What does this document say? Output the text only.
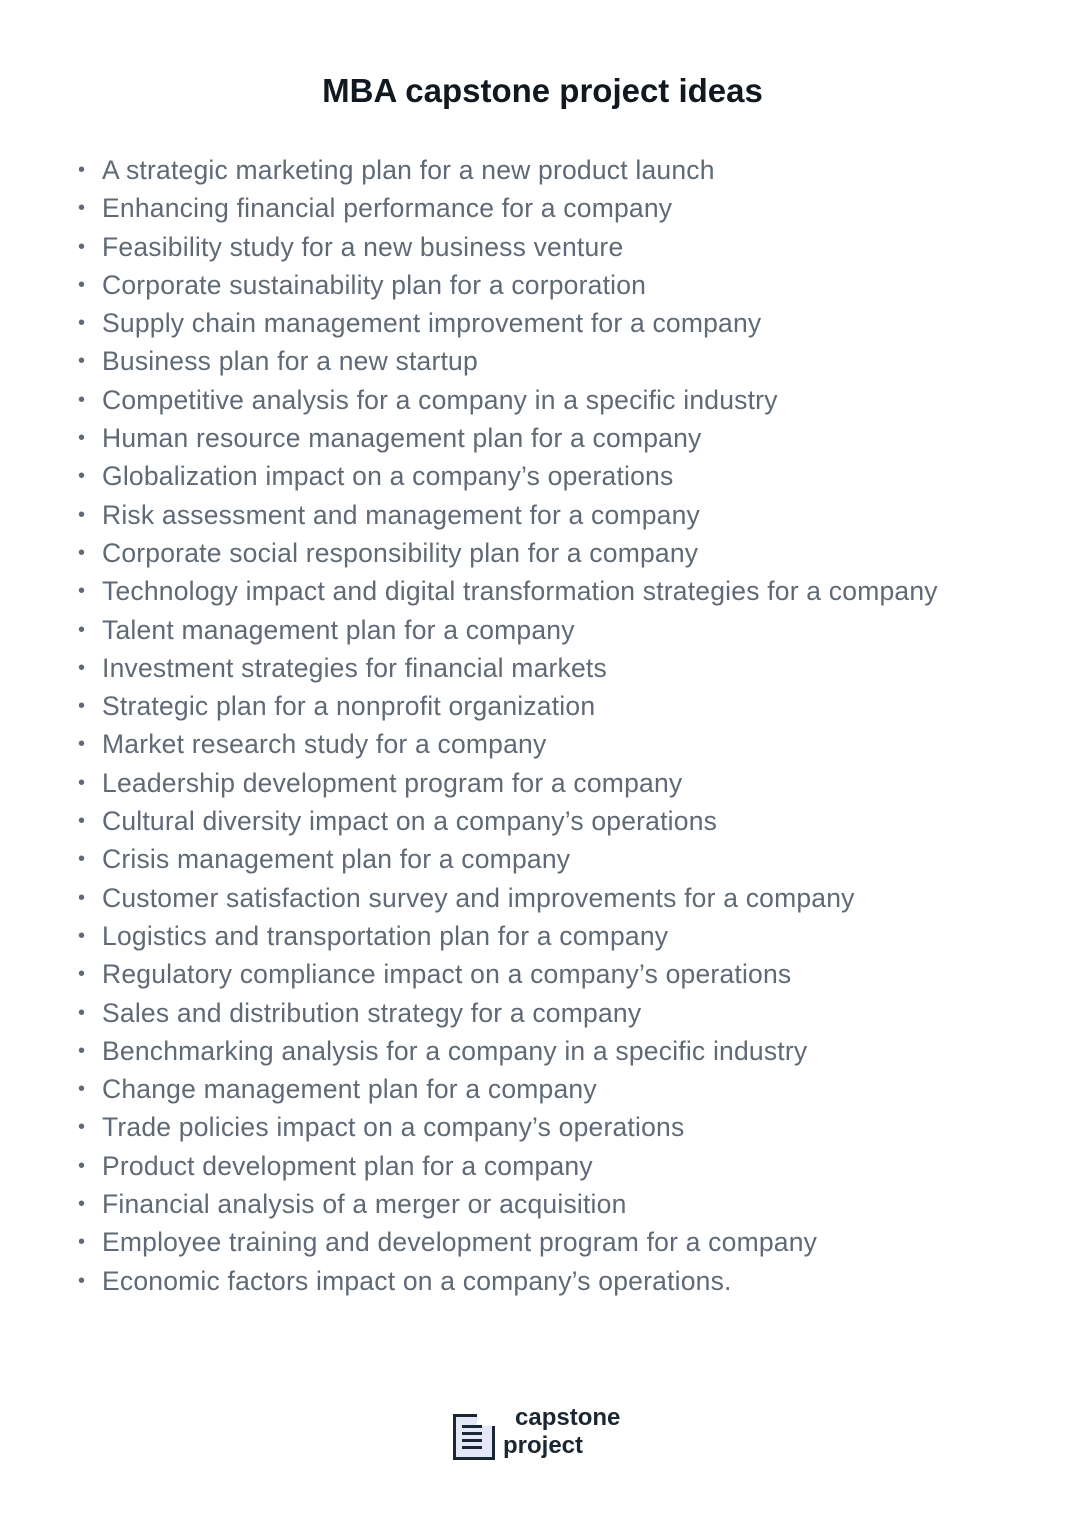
MBA capstone project ideas
• A strategic marketing plan for a new product launch
• Enhancing financial performance for a company
• Feasibility study for a new business venture
• Corporate sustainability plan for a corporation
• Supply chain management improvement for a company
• Business plan for a new startup
• Competitive analysis for a company in a specific industry
• Human resource management plan for a company
• Globalization impact on a company’s operations
• Risk assessment and management for a company
• Corporate social responsibility plan for a company
• Technology impact and digital transformation strategies for a company
• Talent management plan for a company
• Investment strategies for financial markets
• Strategic plan for a nonprofit organization
• Market research study for a company
• Leadership development program for a company
• Cultural diversity impact on a company’s operations
• Crisis management plan for a company
• Customer satisfaction survey and improvements for a company
• Logistics and transportation plan for a company
• Regulatory compliance impact on a company’s operations
• Sales and distribution strategy for a company
• Benchmarking analysis for a company in a specific industry
• Change management plan for a company
• Trade policies impact on a company’s operations
• Product development plan for a company
• Financial analysis of a merger or acquisition
• Employee training and development program for a company
• Economic factors impact on a company’s operations.
capstone
project
